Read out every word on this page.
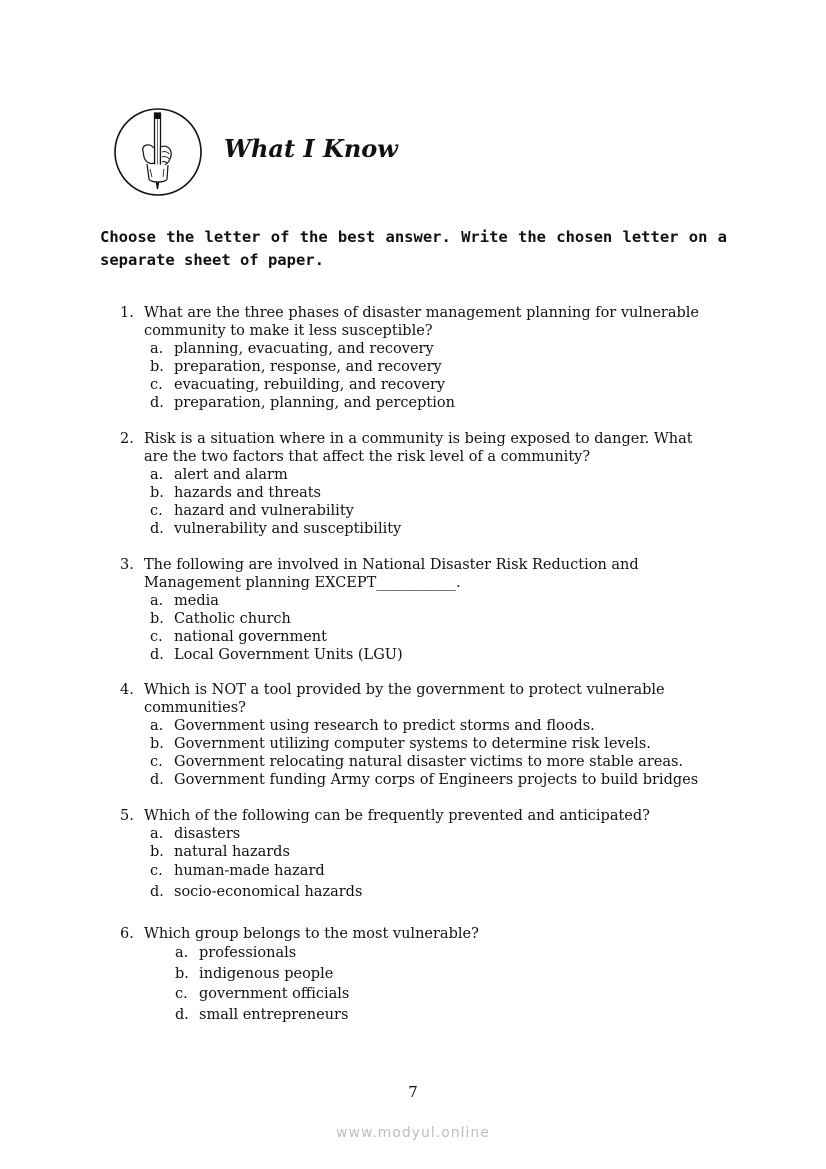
What I Know

Choose the letter of the best answer. Write the chosen letter on a separate sheet of paper.

1. What are the three phases of disaster management planning for vulnerable community to make it less susceptible?
a. planning, evacuating, and recovery
b. preparation, response, and recovery
c. evacuating, rebuilding, and recovery
d. preparation, planning, and perception
2. Risk is a situation where in a community is being exposed to danger. What are the two factors that affect the risk level of a community?
a. alert and alarm
b. hazards and threats
c. hazard and vulnerability
d. vulnerability and susceptibility
3. The following are involved in National Disaster Risk Reduction and Management planning EXCEPT___________.
a. media
b. Catholic church
c. national government
d. Local Government Units (LGU)
4. Which is NOT a tool provided by the government to protect vulnerable communities?
a. Government using research to predict storms and floods.
b. Government utilizing computer systems to determine risk levels.
c. Government relocating natural disaster victims to more stable areas.
d. Government funding Army corps of Engineers projects to build bridges
5. Which of the following can be frequently prevented and anticipated?
a. disasters
b. natural hazards
c. human-made hazard
d. socio-economical hazards
6. Which group belongs to the most vulnerable?
a. professionals
b. indigenous people
c. government officials
d. small entrepreneurs
7
www.modyul.online
